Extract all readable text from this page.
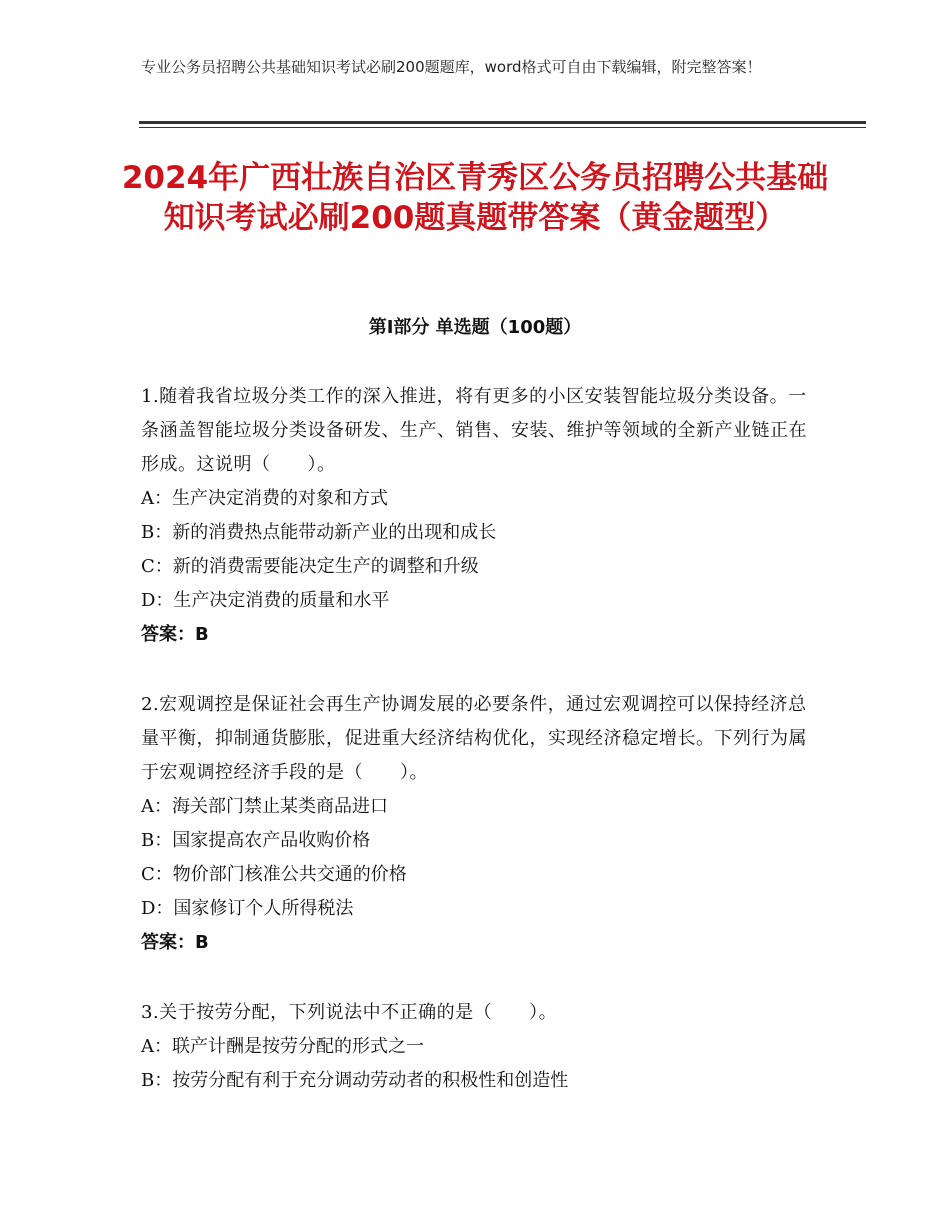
专业公务员招聘公共基础知识考试必刷200题题库，word格式可自由下载编辑，附完整答案！
2024年广西壮族自治区青秀区公务员招聘公共基础知识考试必刷200题真题带答案（黄金题型）
第Ⅰ部分 单选题（100题）
1.随着我省垃圾分类工作的深入推进，将有更多的小区安装智能垃圾分类设备。一条涵盖智能垃圾分类设备研发、生产、销售、安装、维护等领域的全新产业链正在形成。这说明（　　）。
A：生产决定消费的对象和方式
B：新的消费热点能带动新产业的出现和成长
C：新的消费需要能决定生产的调整和升级
D：生产决定消费的质量和水平
答案：B
2.宏观调控是保证社会再生产协调发展的必要条件，通过宏观调控可以保持经济总量平衡，抑制通货膨胀，促进重大经济结构优化，实现经济稳定增长。下列行为属于宏观调控经济手段的是（　　）。
A：海关部门禁止某类商品进口
B：国家提高农产品收购价格
C：物价部门核准公共交通的价格
D：国家修订个人所得税法
答案：B
3.关于按劳分配，下列说法中不正确的是（　　）。
A：联产计酬是按劳分配的形式之一
B：按劳分配有利于充分调动劳动者的积极性和创造性
